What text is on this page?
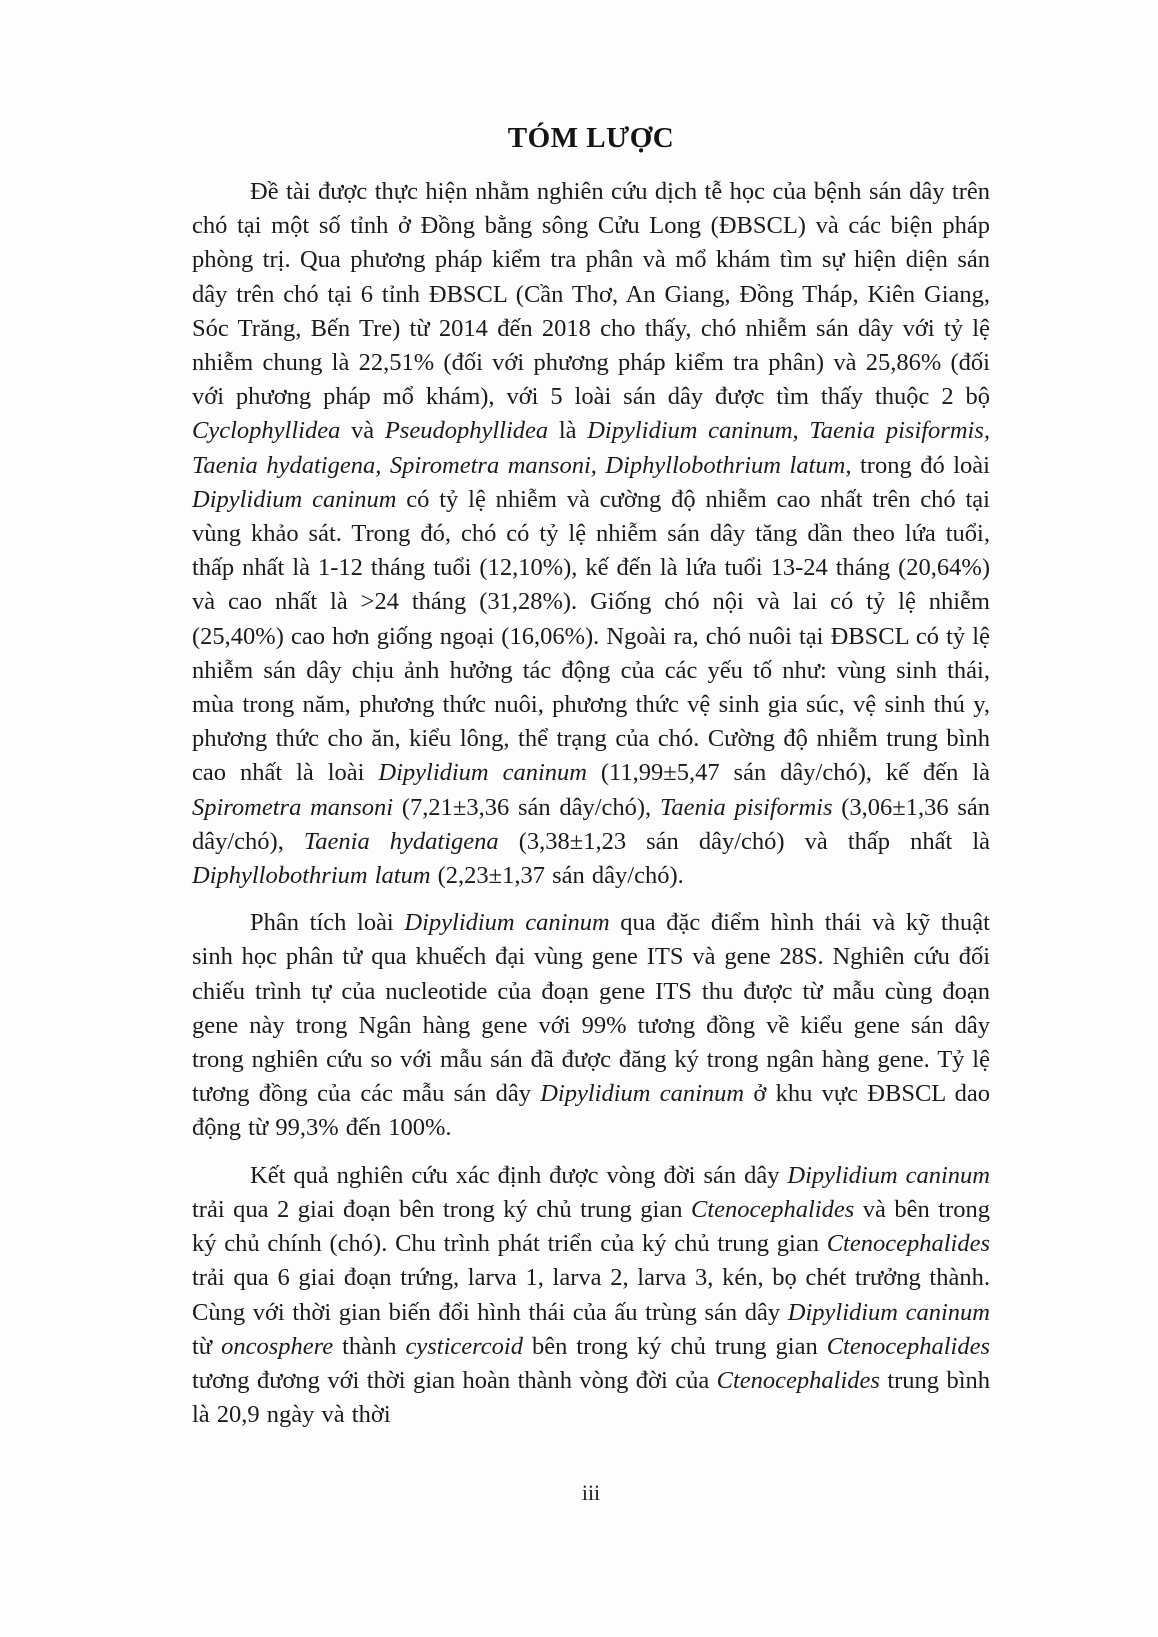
TÓM LƯỢC

Đề tài được thực hiện nhằm nghiên cứu dịch tễ học của bệnh sán dây trên chó tại một số tỉnh ở Đồng bằng sông Cửu Long (ĐBSCL) và các biện pháp phòng trị. Qua phương pháp kiểm tra phân và mổ khám tìm sự hiện diện sán dây trên chó tại 6 tỉnh ĐBSCL (Cần Thơ, An Giang, Đồng Tháp, Kiên Giang, Sóc Trăng, Bến Tre) từ 2014 đến 2018 cho thấy, chó nhiễm sán dây với tỷ lệ nhiễm chung là 22,51% (đối với phương pháp kiểm tra phân) và 25,86% (đối với phương pháp mổ khám), với 5 loài sán dây được tìm thấy thuộc 2 bộ Cyclophyllidea và Pseudophyllidea là Dipylidium caninum, Taenia pisiformis, Taenia hydatigena, Spirometra mansoni, Diphyllobothrium latum, trong đó loài Dipylidium caninum có tỷ lệ nhiễm và cường độ nhiễm cao nhất trên chó tại vùng khảo sát. Trong đó, chó có tỷ lệ nhiễm sán dây tăng dần theo lứa tuổi, thấp nhất là 1-12 tháng tuổi (12,10%), kế đến là lứa tuổi 13-24 tháng (20,64%) và cao nhất là >24 tháng (31,28%). Giống chó nội và lai có tỷ lệ nhiễm (25,40%) cao hơn giống ngoại (16,06%). Ngoài ra, chó nuôi tại ĐBSCL có tỷ lệ nhiễm sán dây chịu ảnh hưởng tác động của các yếu tố như: vùng sinh thái, mùa trong năm, phương thức nuôi, phương thức vệ sinh gia súc, vệ sinh thú y, phương thức cho ăn, kiểu lông, thể trạng của chó. Cường độ nhiễm trung bình cao nhất là loài Dipylidium caninum (11,99±5,47 sán dây/chó), kế đến là Spirometra mansoni (7,21±3,36 sán dây/chó), Taenia pisiformis (3,06±1,36 sán dây/chó), Taenia hydatigena (3,38±1,23 sán dây/chó) và thấp nhất là Diphyllobothrium latum (2,23±1,37 sán dây/chó).

Phân tích loài Dipylidium caninum qua đặc điểm hình thái và kỹ thuật sinh học phân tử qua khuếch đại vùng gene ITS và gene 28S. Nghiên cứu đối chiếu trình tự của nucleotide của đoạn gene ITS thu được từ mẫu cùng đoạn gene này trong Ngân hàng gene với 99% tương đồng về kiểu gene sán dây trong nghiên cứu so với mẫu sán đã được đăng ký trong ngân hàng gene. Tỷ lệ tương đồng của các mẫu sán dây Dipylidium caninum ở khu vực ĐBSCL dao động từ 99,3% đến 100%.

Kết quả nghiên cứu xác định được vòng đời sán dây Dipylidium caninum trải qua 2 giai đoạn bên trong ký chủ trung gian Ctenocephalides và bên trong ký chủ chính (chó). Chu trình phát triển của ký chủ trung gian Ctenocephalides trải qua 6 giai đoạn trứng, larva 1, larva 2, larva 3, kén, bọ chét trưởng thành. Cùng với thời gian biến đổi hình thái của ấu trùng sán dây Dipylidium caninum từ oncosphere thành cysticercoid bên trong ký chủ trung gian Ctenocephalides tương đương với thời gian hoàn thành vòng đời của Ctenocephalides trung bình là 20,9 ngày và thời

iii
